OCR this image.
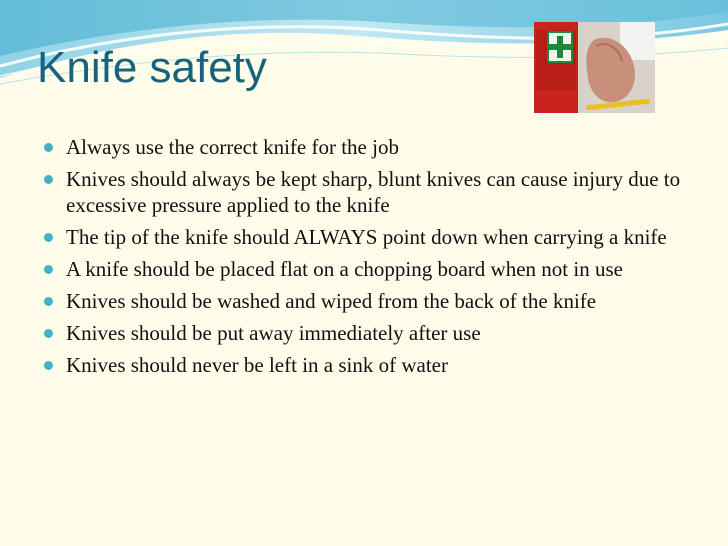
Knife safety
Always use the correct knife for the job
Knives should always be kept sharp, blunt knives can cause injury due to excessive pressure applied to the knife
The tip of the knife should ALWAYS point down when carrying a knife
A knife should be placed flat on a chopping board when not in use
Knives should be washed and wiped from the back of the knife
Knives should be put away immediately after use
Knives should never be left in a sink of water
